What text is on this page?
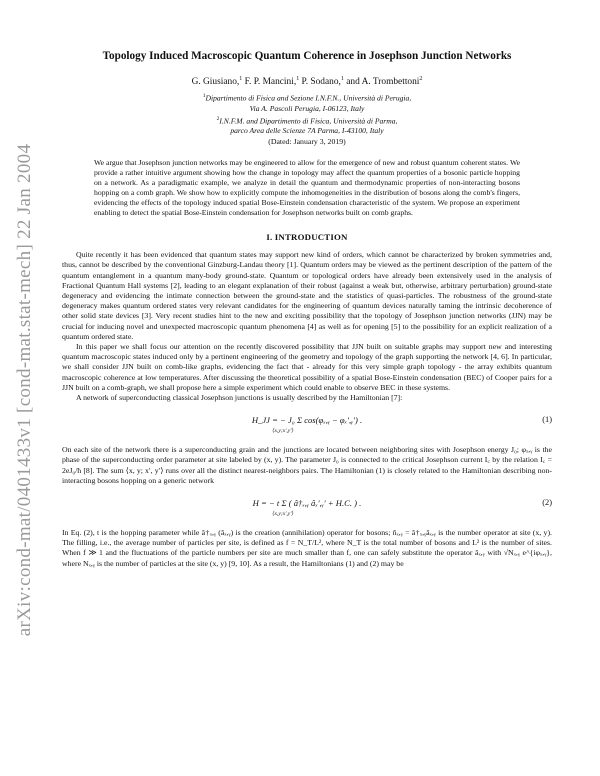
arXiv:cond-mat/0401433v1 [cond-mat.stat-mech] 22 Jan 2004
Topology Induced Macroscopic Quantum Coherence in Josephson Junction Networks
G. Giusiano,$^1$ F. P. Mancini,$^1$ P. Sodano,$^1$ and A. Trombettoni$^2$
$^1$Dipartimento di Fisica and Sezione I.N.F.N., Università di Perugia,
Via A. Pascoli Perugia, I-06123, Italy
$^2$I.N.F.M. and Dipartimento di Fisica, Università di Parma,
parco Area delle Scienze 7A Parma, I-43100, Italy
(Dated: January 3, 2019)
We argue that Josephson junction networks may be engineered to allow for the emergence of new and robust quantum coherent states. We provide a rather intuitive argument showing how the change in topology may affect the quantum properties of a bosonic particle hopping on a network. As a paradigmatic example, we analyze in detail the quantum and thermodynamic properties of non-interacting bosons hopping on a comb graph. We show how to explicitly compute the inhomogeneities in the distribution of bosons along the comb's fingers, evidencing the effects of the topology induced spatial Bose-Einstein condensation characteristic of the system. We propose an experiment enabling to detect the spatial Bose-Einstein condensation for Josephson networks built on comb graphs.
I. INTRODUCTION

Quite recently it has been evidenced that quantum states may support new kind of orders, which cannot be characterized by broken symmetries and, thus, cannot be described by the conventional Ginzburg-Landau theory [1]. Quantum orders may be viewed as the pertinent description of the pattern of the quantum entanglement in a quantum many-body ground-state. Quantum or topological orders have already been extensively used in the analysis of Fractional Quantum Hall systems [2], leading to an elegant explanation of their robust (against a weak but, otherwise, arbitrary perturbation) ground-state degeneracy and evidencing the intimate connection between the ground-state and the statistics of quasi-particles. The robustness of the ground-state degeneracy makes quantum ordered states very relevant candidates for the engineering of quantum devices naturally taming the intrinsic decoherence of other solid state devices [3]. Very recent studies hint to the new and exciting possibility that the topology of Josephson junction networks (JJN) may be crucial for inducing novel and unexpected macroscopic quantum phenomena [4] as well as for opening [5] to the possibility for an explicit realization of a quantum ordered state.

In this paper we shall focus our attention on the recently discovered possibility that JJN built on suitable graphs may support new and interesting quantum macroscopic states induced only by a pertinent engineering of the geometry and topology of the graph supporting the network [4, 6]. In particular, we shall consider JJN built on comb-like graphs, evidencing the fact that - already for this very simple graph topology - the array exhibits quantum macroscopic coherence at low temperatures. After discussing the theoretical possibility of a spatial Bose-Einstein condensation (BEC) of Cooper pairs for a JJN built on a comb-graph, we shall propose here a simple experiment which could enable to observe BEC in these systems.

A network of superconducting classical Josephson junctions is usually described by the Hamiltonian [7]:

H_JJ = − J₀ Σ cos(φₓ,ᵧ − φₓ′,ᵧ′) .
⟨x,y;x′,y′⟩
(1)

On each site of the network there is a superconducting grain and the junctions are located between neighboring sites with Josephson energy J₀; φₓ,ᵧ is the phase of the superconducting order parameter at site labeled by (x, y). The parameter J₀ is connected to the critical Josephson current I꜀ by the relation I꜀ = 2eJ₀/ħ [8]. The sum ⟨x, y; x′, y′⟩ runs over all the distinct nearest-neighbors pairs. The Hamiltonian (1) is closely related to the Hamiltonian describing non-interacting bosons hopping on a generic network

H = − t Σ ( â†ₓ,ᵧ âₓ′,ᵧ′ + H.C. ) .
⟨x,y;x′,y′⟩
(2)

In Eq. (2), t is the hopping parameter while â†ₓ,ᵧ (âₓ,ᵧ) is the creation (annihilation) operator for bosons; n̂ₓ,ᵧ = â†ₓ,ᵧâₓ,ᵧ is the number operator at site (x, y). The filling, i.e., the average number of particles per site, is defined as f = N_T/L², where N_T is the total number of bosons and L² is the number of sites. When f ≫ 1 and the fluctuations of the particle numbers per site are much smaller than f, one can safely substitute the operator âₓ,ᵧ with √Nₓ,ᵧ e^{iφₓ,ᵧ}, where Nₓ,ᵧ is the number of particles at the site (x, y) [9, 10]. As a result, the Hamiltonians (1) and (2) may be
